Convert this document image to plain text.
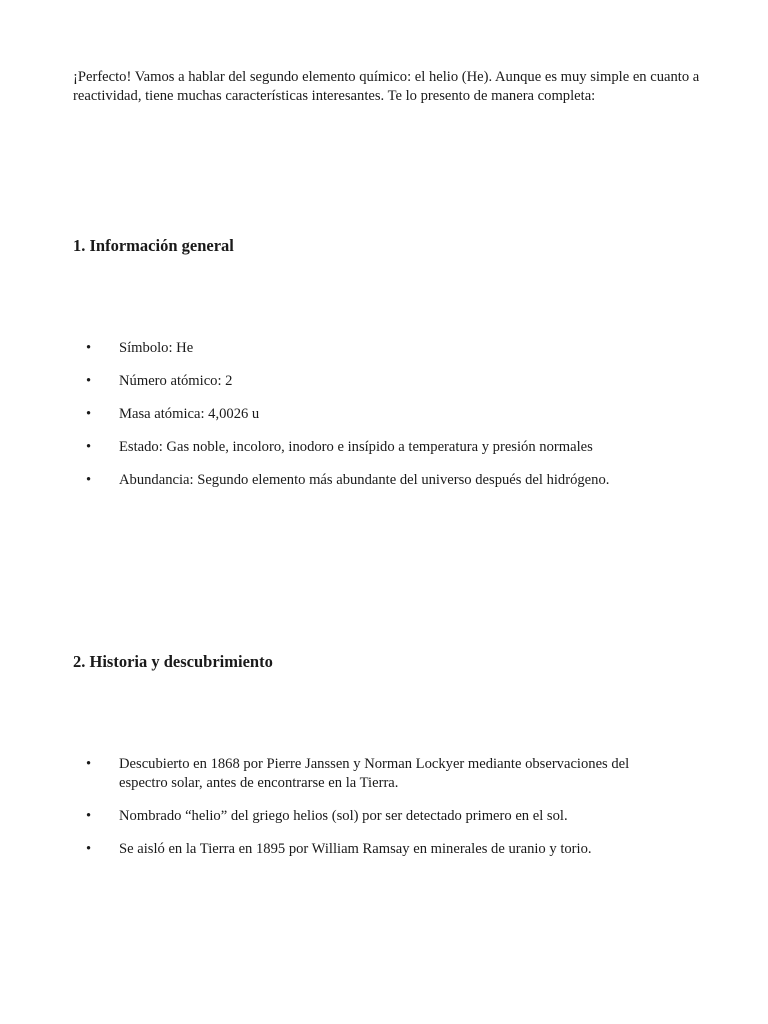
¡Perfecto! Vamos a hablar del segundo elemento químico: el helio (He). Aunque es muy simple en cuanto a reactividad, tiene muchas características interesantes. Te lo presento de manera completa:

1. Información general
• Símbolo: He
• Número atómico: 2
• Masa atómica: 4,0026 u
• Estado: Gas noble, incoloro, inodoro e insípido a temperatura y presión normales
• Abundancia: Segundo elemento más abundante del universo después del hidrógeno.
2. Historia y descubrimiento
• Descubierto en 1868 por Pierre Janssen y Norman Lockyer mediante observaciones del espectro solar, antes de encontrarse en la Tierra.
• Nombrado “helio” del griego helios (sol) por ser detectado primero en el sol.
• Se aisló en la Tierra en 1895 por William Ramsay en minerales de uranio y torio.
